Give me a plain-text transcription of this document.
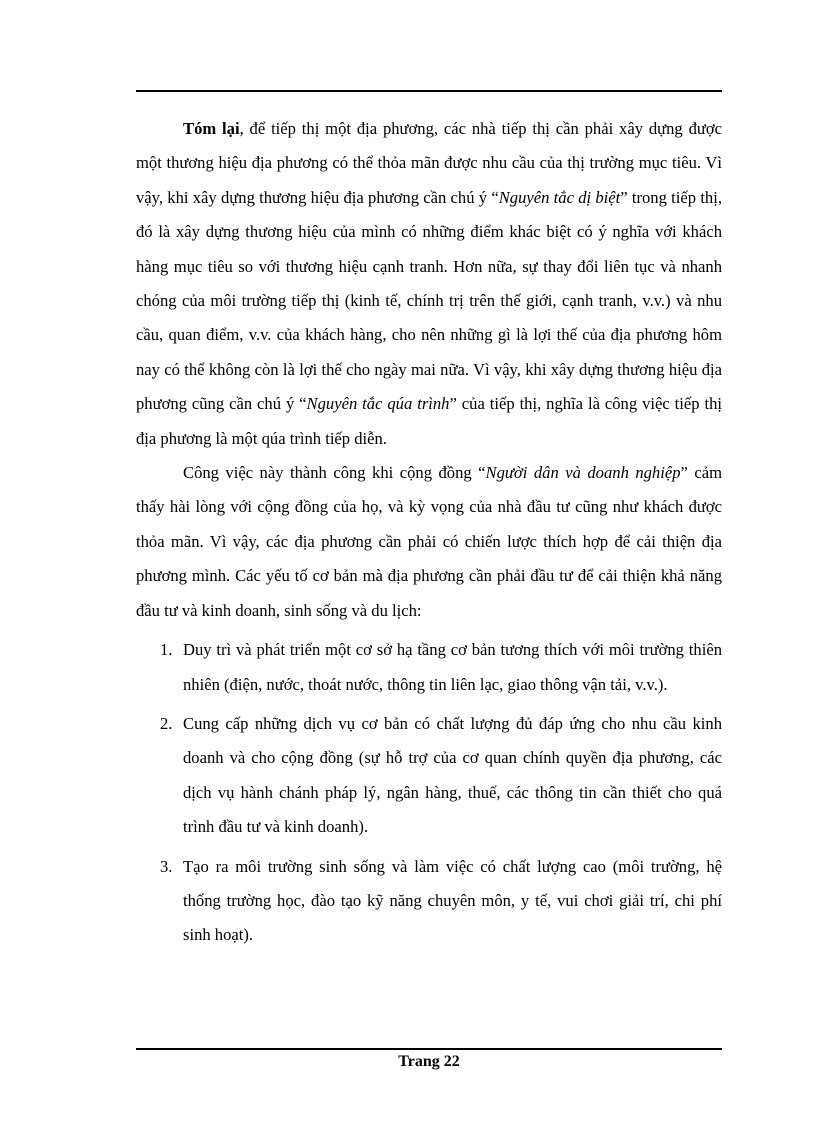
Tóm lại, để tiếp thị một địa phương, các nhà tiếp thị cần phải xây dựng được một thương hiệu địa phương có thể thỏa mãn được nhu cầu của thị trường mục tiêu. Vì vậy, khi xây dựng thương hiệu địa phương cần chú ý “Nguyên tắc dị biệt” trong tiếp thị, đó là xây dựng thương hiệu của mình có những điểm khác biệt có ý nghĩa với khách hàng mục tiêu so với thương hiệu cạnh tranh. Hơn nữa, sự thay đổi liên tục và nhanh chóng của môi trường tiếp thị (kinh tế, chính trị trên thế giới, cạnh tranh, v.v.) và nhu cầu, quan điểm, v.v. của khách hàng, cho nên những gì là lợi thế của địa phương hôm nay có thể không còn là lợi thế cho ngày mai nữa. Vì vậy, khi xây dựng thương hiệu địa phương cũng cần chú ý “Nguyên tắc qúa trình” của tiếp thị, nghĩa là công việc tiếp thị địa phương là một qúa trình tiếp diễn.

Công việc này thành công khi cộng đồng “Người dân và doanh nghiệp” cảm thấy hài lòng với cộng đồng của họ, và kỳ vọng của nhà đầu tư cũng như khách được thỏa mãn. Vì vậy, các địa phương cần phải có chiến lược thích hợp để cải thiện địa phương mình. Các yếu tố cơ bản mà địa phương cần phải đầu tư để cải thiện khả năng đầu tư và kinh doanh, sinh sống và du lịch:

1. Duy trì và phát triển một cơ sở hạ tầng cơ bản tương thích với môi trường thiên nhiên (điện, nước, thoát nước, thông tin liên lạc, giao thông vận tải, v.v.).
2. Cung cấp những dịch vụ cơ bản có chất lượng đủ đáp ứng cho nhu cầu kinh doanh và cho cộng đồng (sự hỗ trợ của cơ quan chính quyền địa phương, các dịch vụ hành chánh pháp lý, ngân hàng, thuế, các thông tin cần thiết cho quá trình đầu tư và kinh doanh).
3. Tạo ra môi trường sinh sống và làm việc có chất lượng cao (môi trường, hệ thống trường học, đào tạo kỹ năng chuyên môn, y tế, vui chơi giải trí, chi phí sinh hoạt).
Trang 22
